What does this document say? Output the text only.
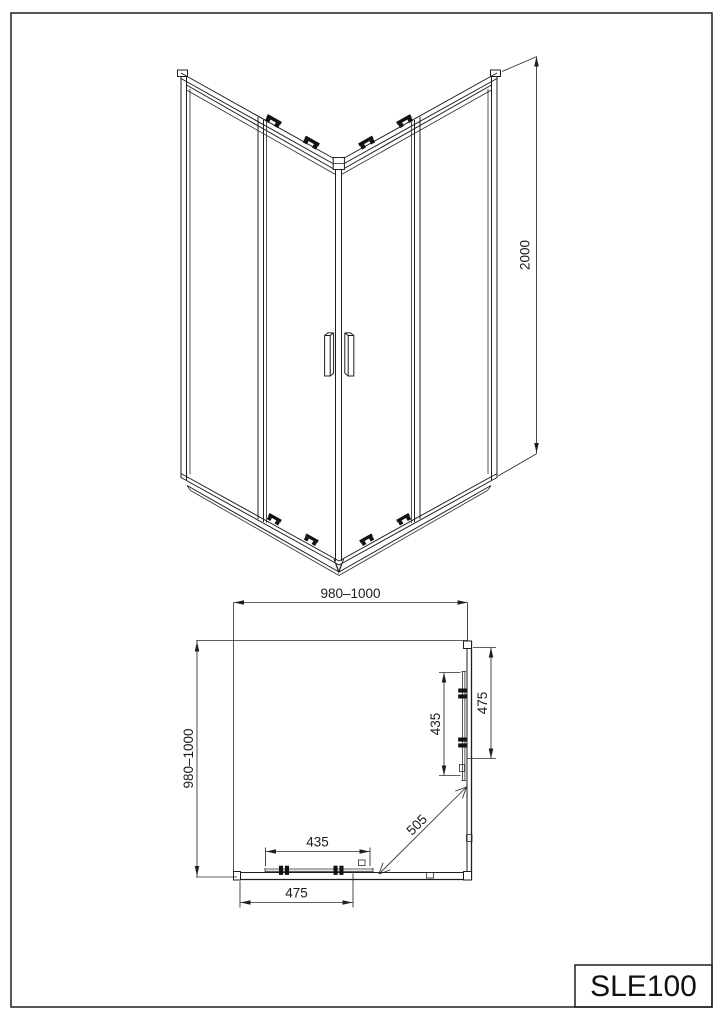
2000
980–1000
980–1000
475
435
435
475
505
SLE100
